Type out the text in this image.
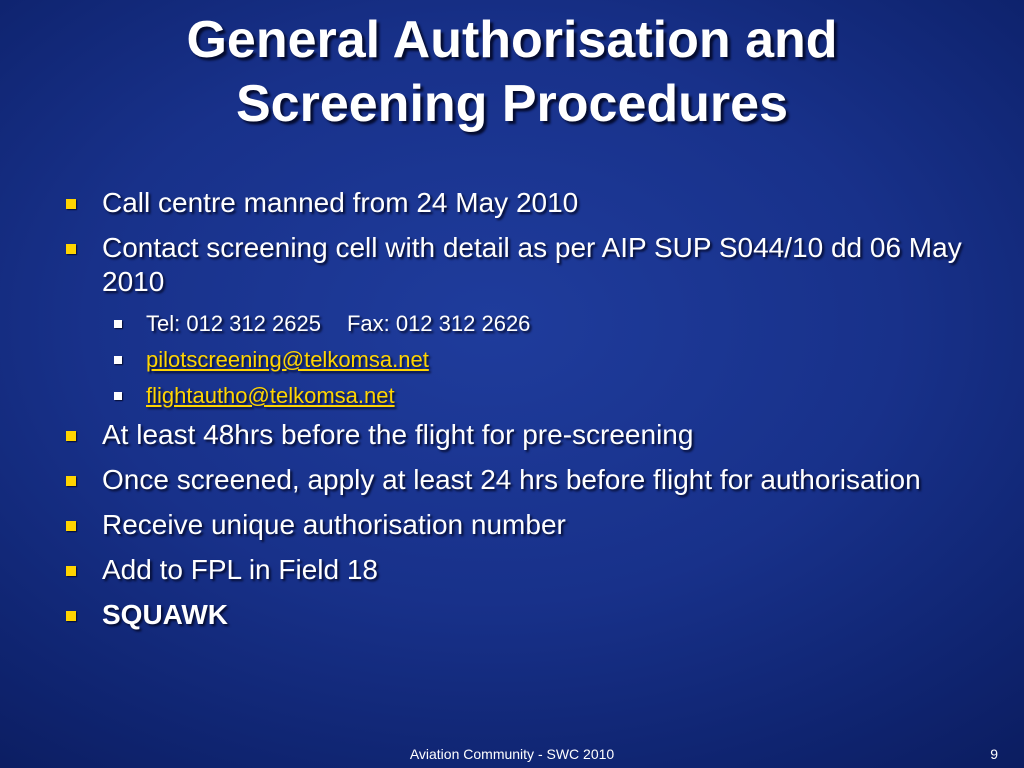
General Authorisation and
Screening Procedures
Call centre manned from 24 May 2010
Contact screening cell with detail as per AIP SUP S044/10 dd 06 May 2010
Tel: 012 312 2625 Fax: 012 312 2626
pilotscreening@telkomsa.net
flightautho@telkomsa.net
At least 48hrs before the flight for pre-screening
Once screened, apply at least 24 hrs before flight for authorisation
Receive unique authorisation number
Add to FPL in Field 18
SQUAWK
Aviation Community - SWC 2010	9
